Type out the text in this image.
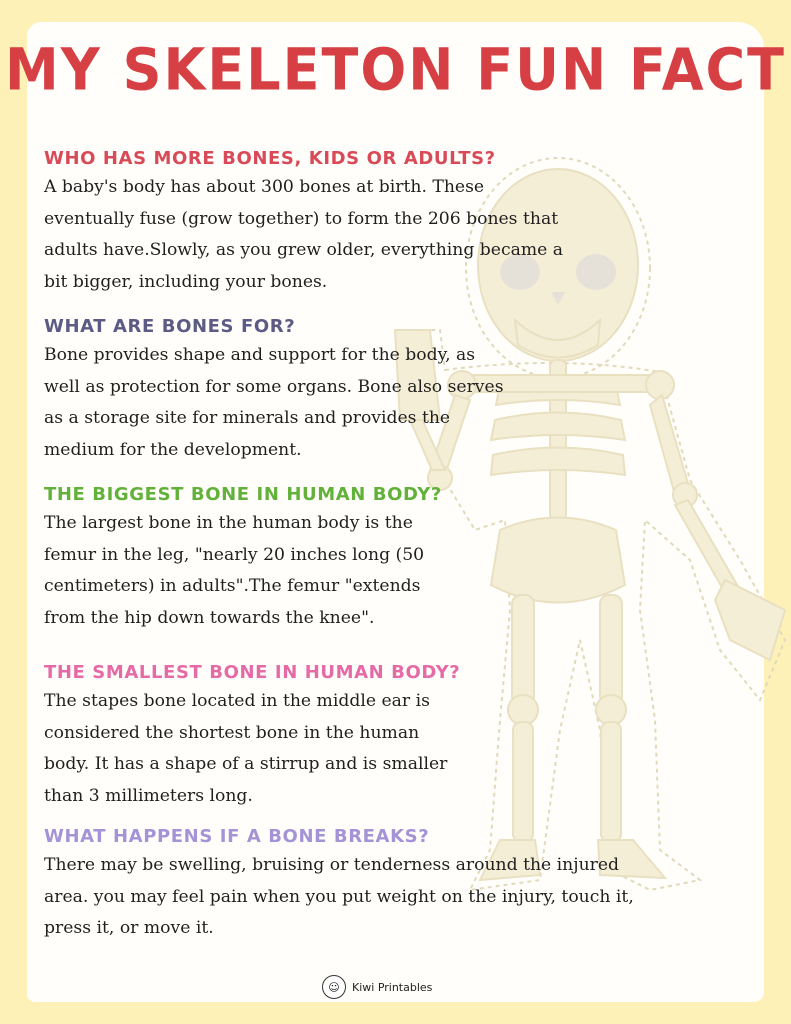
MY SKELETON FUN FACT
WHO HAS MORE BONES, KIDS OR ADULTS?

A baby's body has about 300 bones at birth. These
eventually fuse (grow together) to form the 206 bones that
adults have.Slowly, as you grew older, everything became a
bit bigger, including your bones.

WHAT ARE BONES FOR?

Bone provides shape and support for the body, as
well as protection for some organs. Bone also serves
as a storage site for minerals and provides the
medium for the development.

THE BIGGEST BONE IN HUMAN BODY?

The largest bone in the human body is the
femur in the leg, "nearly 20 inches long (50
centimeters) in adults".The femur "extends
from the hip down towards the knee".

THE SMALLEST BONE IN HUMAN BODY?

The stapes bone located in the middle ear is
considered the shortest bone in the human
body. It has a shape of a stirrup and is smaller
than 3 millimeters long.

WHAT HAPPENS IF A BONE BREAKS?

There may be swelling, bruising or tenderness around the injured
area. you may feel pain when you put weight on the injury, touch it,
press it, or move it.

☺	Kiwi Printables
